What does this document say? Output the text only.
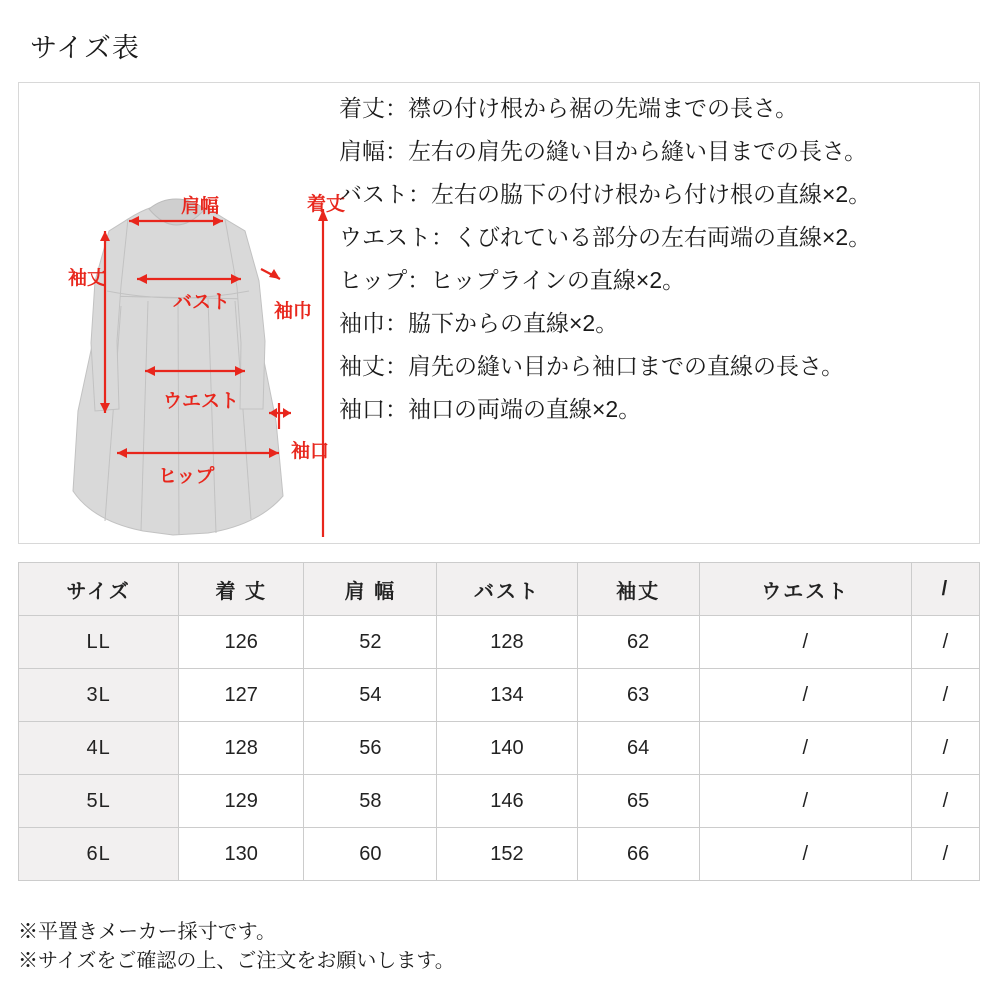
サイズ表
肩幅
袖丈
着丈
バスト 袖巾
ウエスト
袖口
ヒップ

着丈：襟の付け根から裾の先端までの長さ。

肩幅：左右の肩先の縫い目から縫い目までの長さ。

バスト：左右の脇下の付け根から付け根の直線×2。

ウエスト：くびれている部分の左右両端の直線×2。

ヒップ：ヒップラインの直線×2。

袖巾：脇下からの直線×2。

袖丈：肩先の縫い目から袖口までの直線の長さ。

袖口：袖口の両端の直線×2。

サイズ	着 丈	肩 幅	バスト	袖丈	ウエスト	/
LL	126	52	128	62	/	/
3L	127	54	134	63	/	/
4L	128	56	140	64	/	/
5L	129	58	146	65	/	/
6L	130	60	152	66	/	/
※平置きメーカー採寸です。
※サイズをご確認の上、ご注文をお願いします。
